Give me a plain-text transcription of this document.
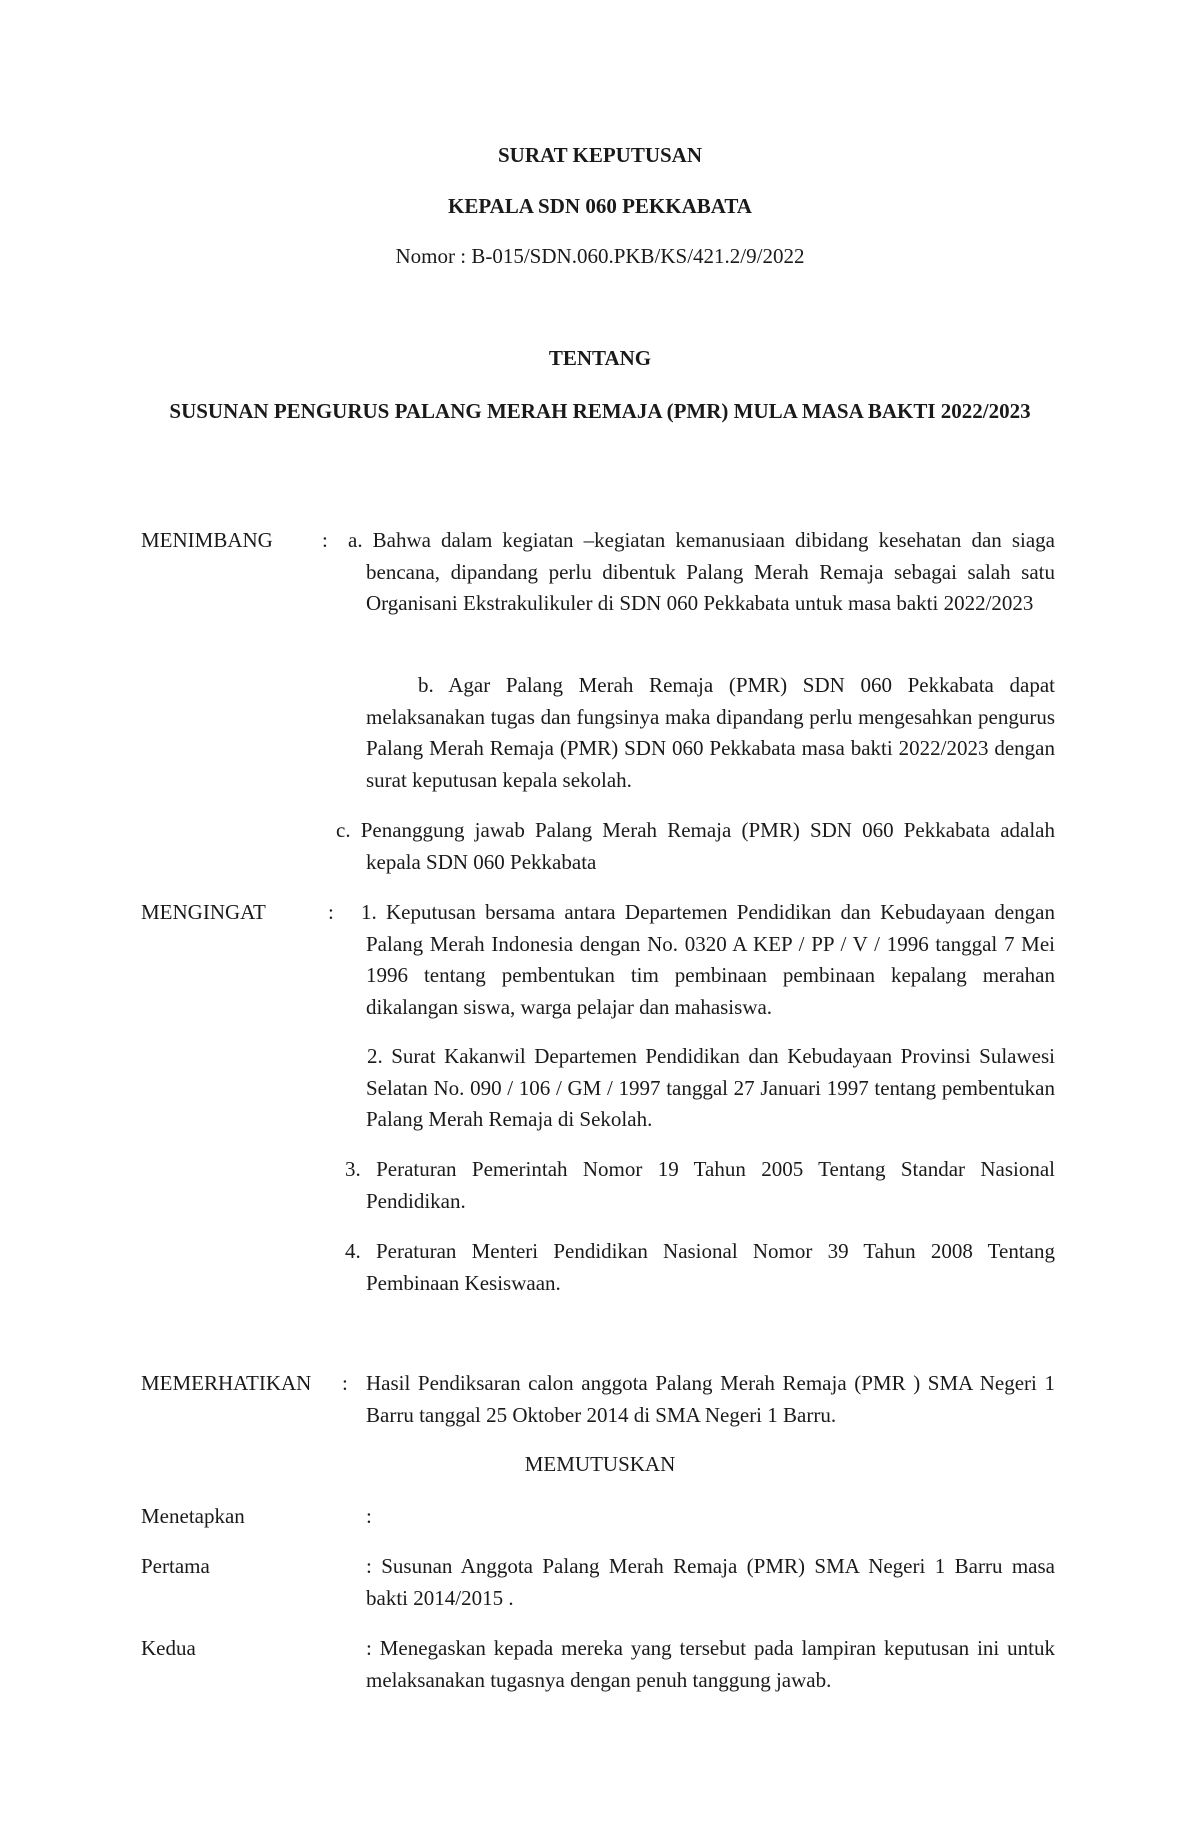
SURAT KEPUTUSAN
KEPALA SDN 060 PEKKABATA
Nomor : B-015/SDN.060.PKB/KS/421.2/9/2022
TENTANG
SUSUNAN PENGURUS PALANG MERAH REMAJA (PMR) MULA MASA BAKTI 2022/2023
MENIMBANG : a. Bahwa dalam kegiatan –kegiatan kemanusiaan dibidang kesehatan dan siaga bencana, dipandang perlu dibentuk Palang Merah Remaja sebagai salah satu Organisani Ekstrakulikuler di SDN 060 Pekkabata untuk masa bakti 2022/2023
b. Agar Palang Merah Remaja (PMR) SDN 060 Pekkabata dapat melaksanakan tugas dan fungsinya maka dipandang perlu mengesahkan pengurus Palang Merah Remaja (PMR) SDN 060 Pekkabata masa bakti 2022/2023 dengan surat keputusan kepala sekolah.
c. Penanggung jawab Palang Merah Remaja (PMR) SDN 060 Pekkabata adalah kepala SDN 060 Pekkabata
MENGINGAT	: 1. Keputusan bersama antara Departemen Pendidikan dan Kebudayaan dengan Palang Merah Indonesia dengan No. 0320 A KEP / PP / V / 1996 tanggal 7 Mei 1996 tentang pembentukan tim pembinaan pembinaan kepalang merahan dikalangan siswa, warga pelajar dan mahasiswa.
2. Surat Kakanwil Departemen Pendidikan dan Kebudayaan Provinsi Sulawesi Selatan No. 090 / 106 / GM / 1997 tanggal 27 Januari 1997 tentang pembentukan Palang Merah Remaja di Sekolah.
3. Peraturan Pemerintah Nomor 19 Tahun 2005 Tentang Standar Nasional Pendidikan.
4. Peraturan Menteri Pendidikan Nasional Nomor 39 Tahun 2008 Tentang Pembinaan Kesiswaan.
MEMERHATIKAN : Hasil Pendiksaran calon anggota Palang Merah Remaja (PMR ) SMA Negeri 1 Barru tanggal 25 Oktober 2014 di SMA Negeri 1 Barru.
MEMUTUSKAN
Menetapkan	:
Pertama	: Susunan Anggota Palang Merah Remaja (PMR) SMA Negeri 1 Barru masa bakti 2014/2015 .
Kedua	: Menegaskan kepada mereka yang tersebut pada lampiran keputusan ini untuk melaksanakan tugasnya dengan penuh tanggung jawab.
